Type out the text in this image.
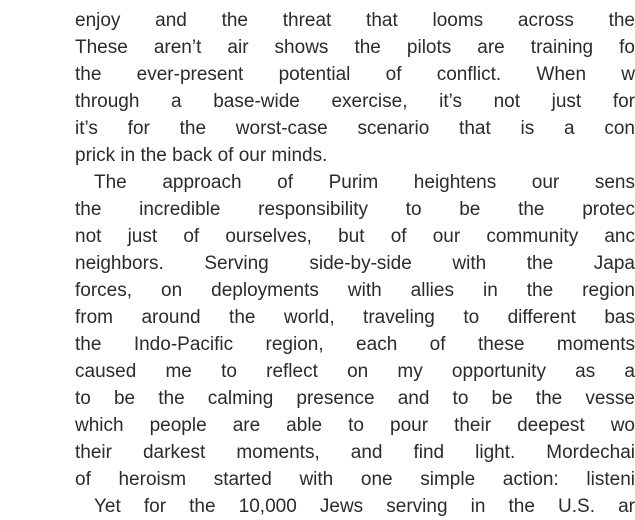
enjoy and the threat that looms across the
These aren’t air shows the pilots are training fo
the ever-present potential of conflict. When w
through a base-wide exercise, it’s not just for
it’s for the worst-case scenario that is a con
prick in the back of our minds.
The approach of Purim heightens our sens
the incredible responsibility to be the protec
not just of ourselves, but of our community anc
neighbors. Serving side-by-side with the Japa
forces, on deployments with allies in the region
from around the world, traveling to different bas
the Indo-Pacific region, each of these moments
caused me to reflect on my opportunity as a
to be the calming presence and to be the vesse
which people are able to pour their deepest wo
their darkest moments, and find light. Mordechai
of heroism started with one simple action: listeni
Yet for the 10,000 Jews serving in the U.S. ar
